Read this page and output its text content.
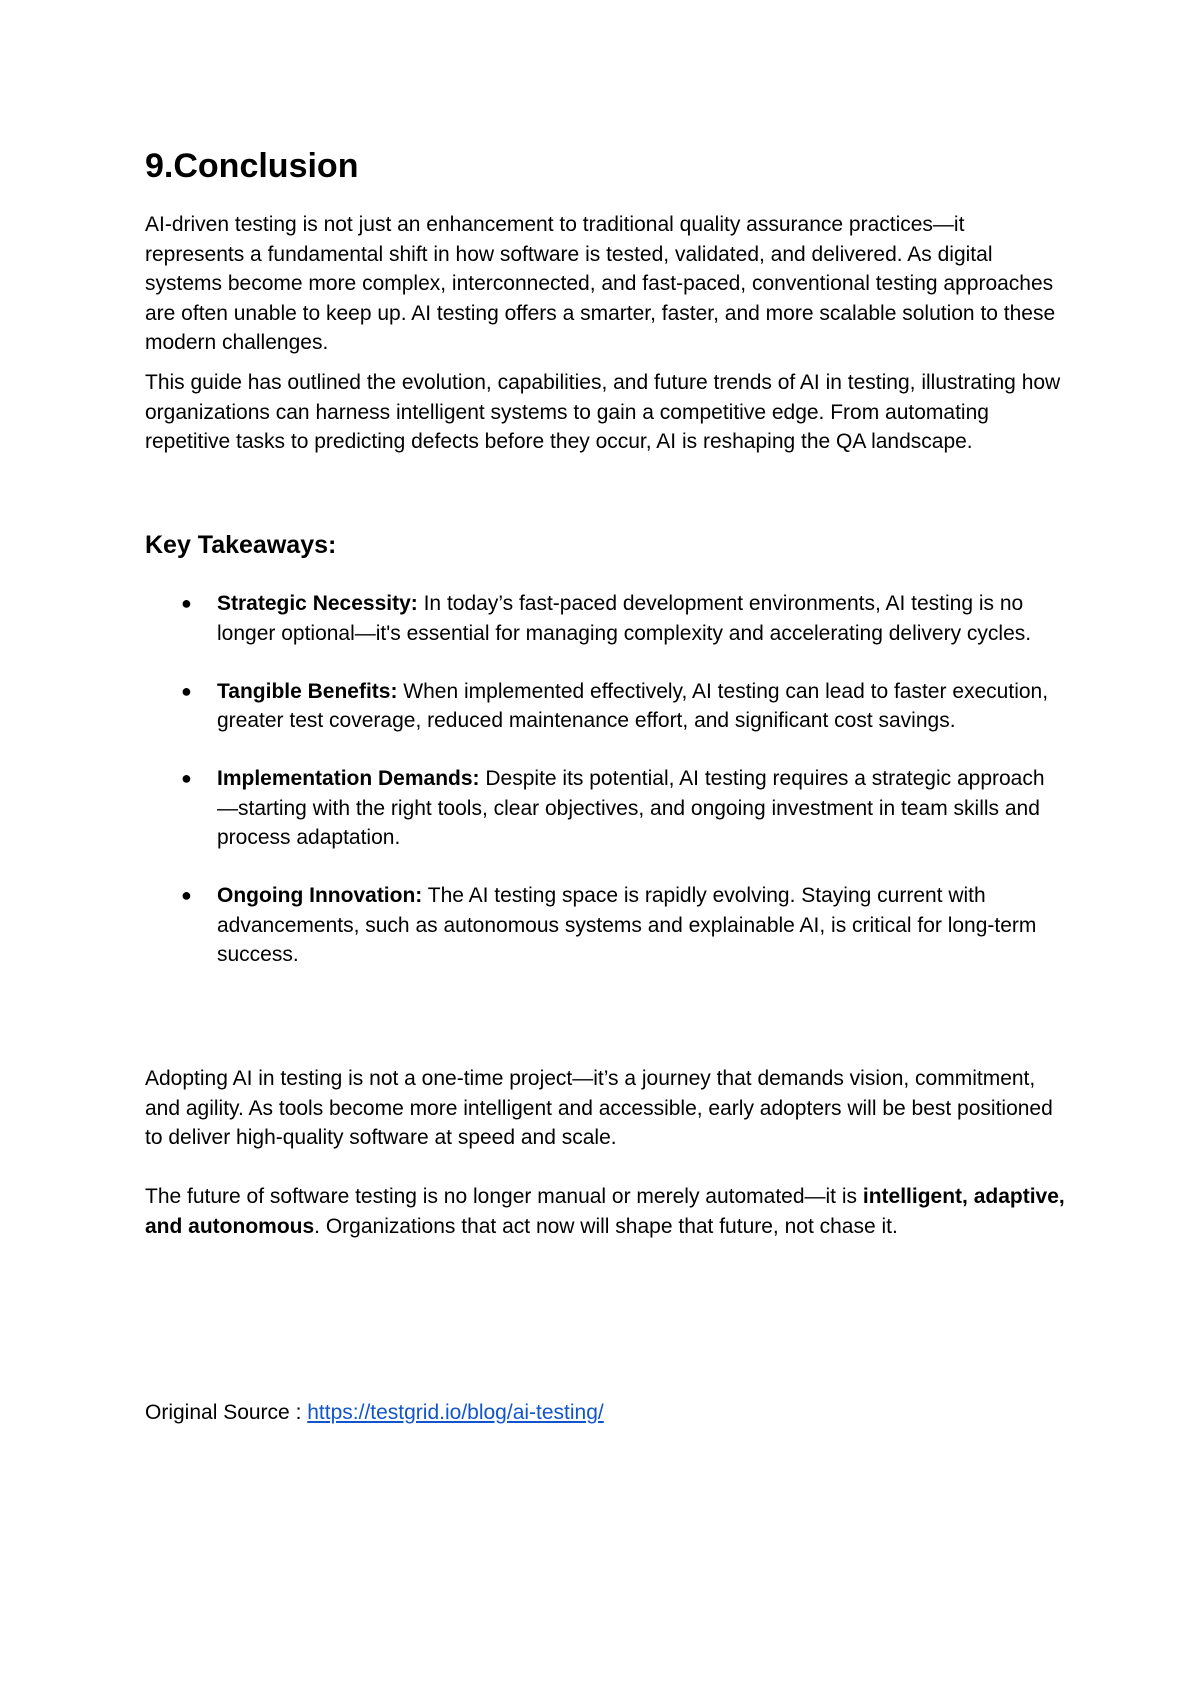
9.Conclusion

AI-driven testing is not just an enhancement to traditional quality assurance practices—it represents a fundamental shift in how software is tested, validated, and delivered. As digital systems become more complex, interconnected, and fast-paced, conventional testing approaches are often unable to keep up. AI testing offers a smarter, faster, and more scalable solution to these modern challenges.

This guide has outlined the evolution, capabilities, and future trends of AI in testing, illustrating how organizations can harness intelligent systems to gain a competitive edge. From automating repetitive tasks to predicting defects before they occur, AI is reshaping the QA landscape.

Key Takeaways:
● Strategic Necessity: In today’s fast-paced development environments, AI testing is no longer optional—it's essential for managing complexity and accelerating delivery cycles.
● Tangible Benefits: When implemented effectively, AI testing can lead to faster execution, greater test coverage, reduced maintenance effort, and significant cost savings.
● Implementation Demands: Despite its potential, AI testing requires a strategic approach—starting with the right tools, clear objectives, and ongoing investment in team skills and process adaptation.
● Ongoing Innovation: The AI testing space is rapidly evolving. Staying current with advancements, such as autonomous systems and explainable AI, is critical for long-term success.

Adopting AI in testing is not a one-time project—it’s a journey that demands vision, commitment, and agility. As tools become more intelligent and accessible, early adopters will be best positioned to deliver high-quality software at speed and scale.

The future of software testing is no longer manual or merely automated—it is intelligent, adaptive, and autonomous. Organizations that act now will shape that future, not chase it.

Original Source : https://testgrid.io/blog/ai-testing/
